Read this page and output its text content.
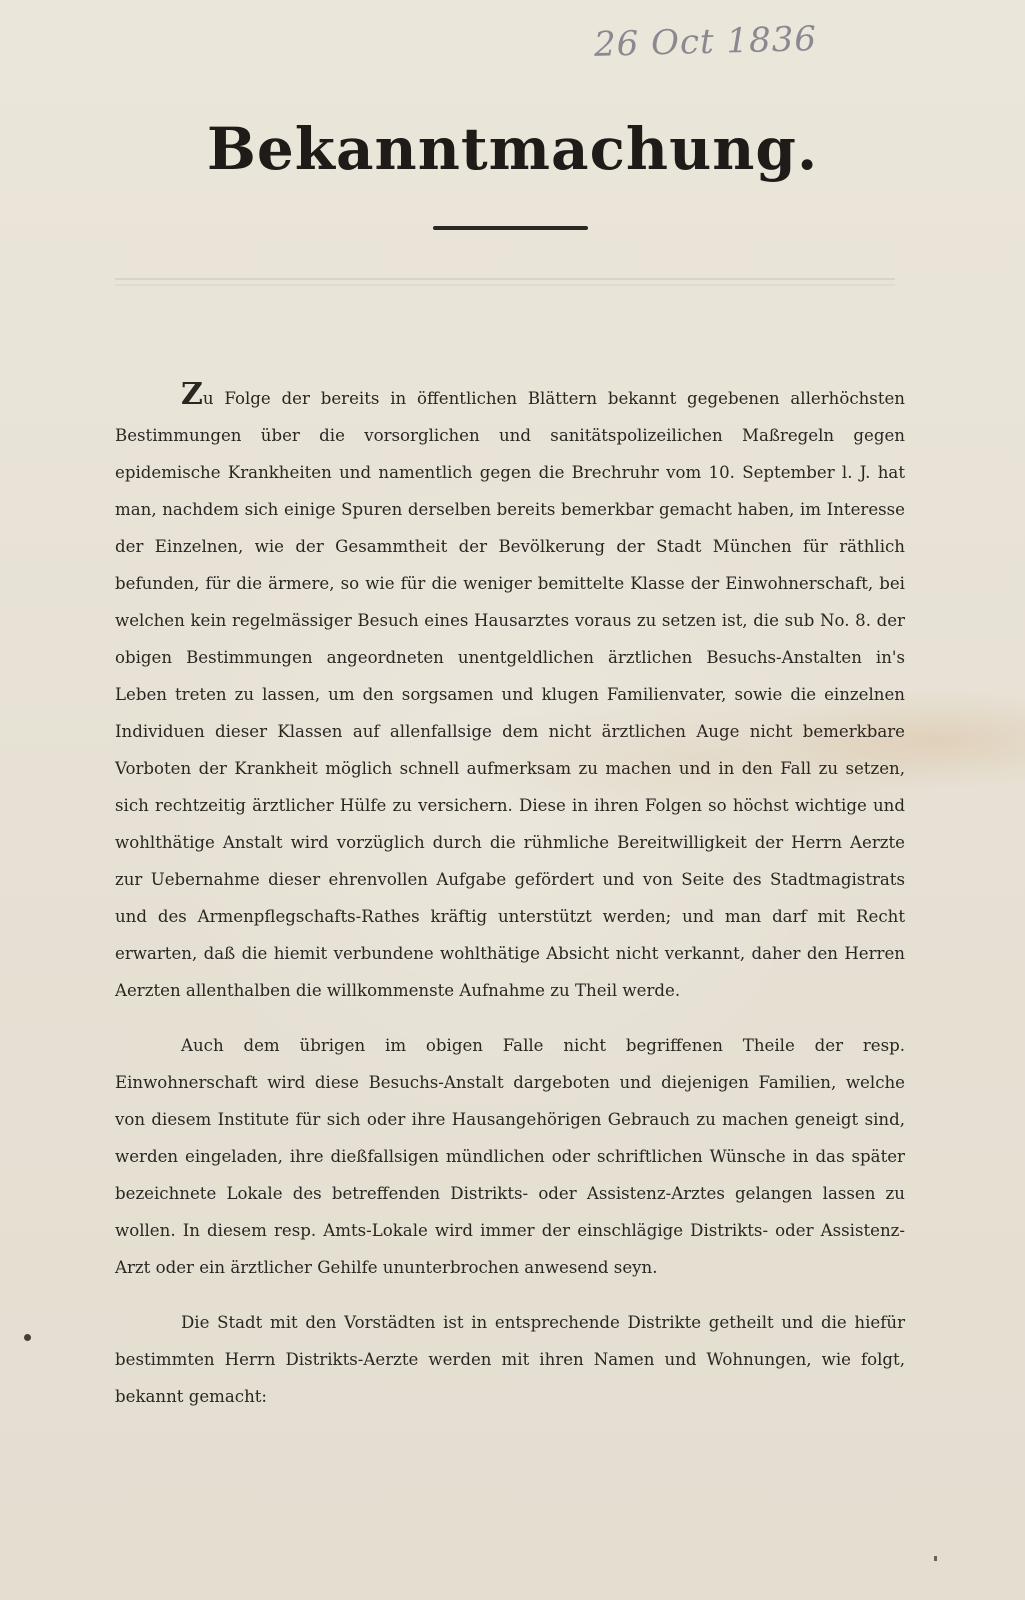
26 Oct 1836
Bekanntmachung.

Zu Folge der bereits in öffentlichen Blättern bekannt gegebenen allerhöchsten Bestimmungen über die vorsorglichen und sanitätspolizeilichen Maßregeln gegen epidemische Krankheiten und namentlich gegen die Brechruhr vom 10. September l. J. hat man, nachdem sich einige Spuren derselben bereits bemerkbar gemacht haben, im Interesse der Einzelnen, wie der Gesammtheit der Bevölkerung der Stadt München für räthlich befunden, für die ärmere, so wie für die weniger bemittelte Klasse der Einwohnerschaft, bei welchen kein regelmässiger Besuch eines Hausarztes voraus zu setzen ist, die sub No. 8. der obigen Bestimmungen angeordneten unentgeldlichen ärztlichen Besuchs-Anstalten in's Leben treten zu lassen, um den sorgsamen und klugen Familienvater, sowie die einzelnen Individuen dieser Klassen auf allenfallsige dem nicht ärztlichen Auge nicht bemerkbare Vorboten der Krankheit möglich schnell aufmerksam zu machen und in den Fall zu setzen, sich rechtzeitig ärztlicher Hülfe zu versichern. Diese in ihren Folgen so höchst wichtige und wohlthätige Anstalt wird vorzüglich durch die rühmliche Bereitwilligkeit der Herrn Aerzte zur Uebernahme dieser ehrenvollen Aufgabe gefördert und von Seite des Stadtmagistrats und des Armenpflegschafts-Rathes kräftig unterstützt werden; und man darf mit Recht erwarten, daß die hiemit verbundene wohlthätige Absicht nicht verkannt, daher den Herren Aerzten allenthalben die willkommenste Aufnahme zu Theil werde.

Auch dem übrigen im obigen Falle nicht begriffenen Theile der resp. Einwohnerschaft wird diese Besuchs-Anstalt dargeboten und diejenigen Familien, welche von diesem Institute für sich oder ihre Hausangehörigen Gebrauch zu machen geneigt sind, werden eingeladen, ihre dießfallsigen mündlichen oder schriftlichen Wünsche in das später bezeichnete Lokale des betreffenden Distrikts- oder Assistenz-Arztes gelangen lassen zu wollen. In diesem resp. Amts-Lokale wird immer der einschlägige Distrikts- oder Assistenz-Arzt oder ein ärztlicher Gehilfe ununterbrochen anwesend seyn.

Die Stadt mit den Vorstädten ist in entsprechende Distrikte getheilt und die hiefür bestimmten Herrn Distrikts-Aerzte werden mit ihren Namen und Wohnungen, wie folgt, bekannt gemacht:
